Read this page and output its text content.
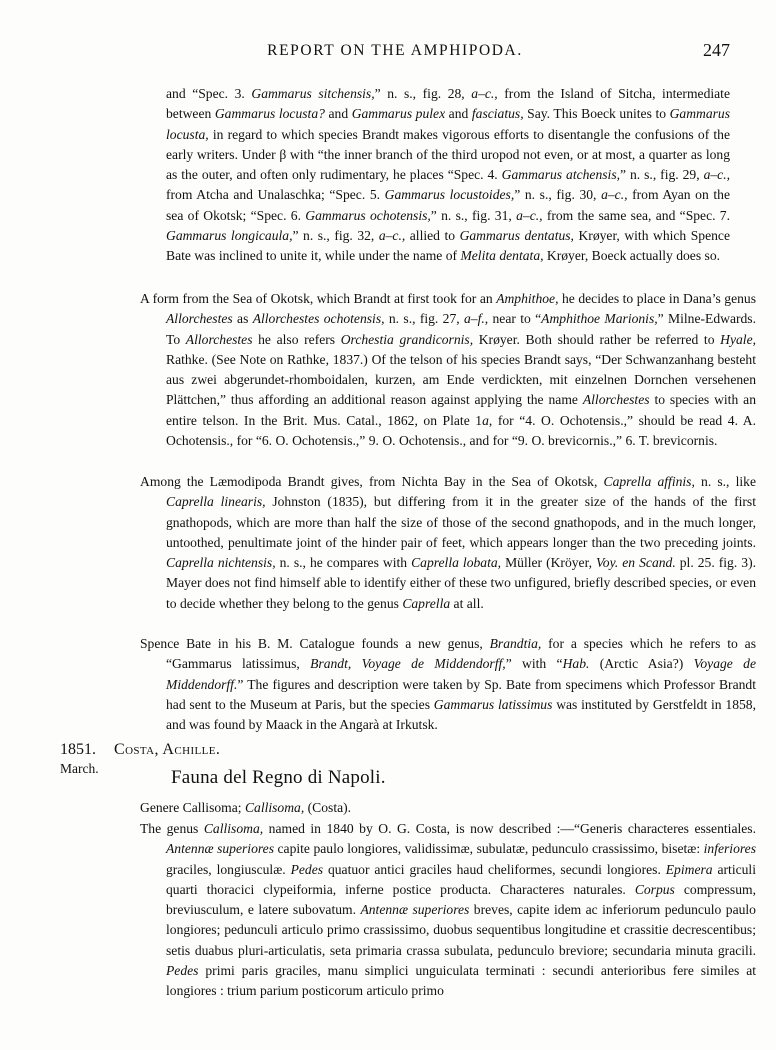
REPORT ON THE AMPHIPODA.	247

and “Spec. 3. Gammarus sitchensis,” n. s., fig. 28, a–c., from the Island of Sitcha, intermediate between Gammarus locusta? and Gammarus pulex and fasciatus, Say. This Boeck unites to Gammarus locusta, in regard to which species Brandt makes vigorous efforts to disentangle the confusions of the early writers. Under β with “the inner branch of the third uropod not even, or at most, a quarter as long as the outer, and often only rudimentary, he places “Spec. 4. Gammarus atchensis,” n. s., fig. 29, a–c., from Atcha and Unalaschka; “Spec. 5. Gammarus locustoides,” n. s., fig. 30, a–c., from Ayan on the sea of Okotsk; “Spec. 6. Gammarus ochotensis,” n. s., fig. 31, a–c., from the same sea, and “Spec. 7. Gammarus longicaula,” n. s., fig. 32, a–c., allied to Gammarus dentatus, Krøyer, with which Spence Bate was inclined to unite it, while under the name of Melita dentata, Krøyer, Boeck actually does so.

A form from the Sea of Okotsk, which Brandt at first took for an Amphithoe, he decides to place in Dana’s genus Allorchestes as Allorchestes ochotensis, n. s., fig. 27, a–f., near to “Amphithoe Marionis,” Milne-Edwards. To Allorchestes he also refers Orchestia grandicornis, Krøyer. Both should rather be referred to Hyale, Rathke. (See Note on Rathke, 1837.) Of the telson of his species Brandt says, “Der Schwanzanhang besteht aus zwei abgerundet-rhomboidalen, kurzen, am Ende verdickten, mit einzelnen Dornchen versehenen Plättchen,” thus affording an additional reason against applying the name Allorchestes to species with an entire telson. In the Brit. Mus. Catal., 1862, on Plate 1a, for “4. O. Ochotensis.,” should be read 4. A. Ochotensis., for “6. O. Ochotensis.,” 9. O. Ochotensis., and for “9. O. brevicornis.,” 6. T. brevicornis.

Among the Læmodipoda Brandt gives, from Nichta Bay in the Sea of Okotsk, Caprella affinis, n. s., like Caprella linearis, Johnston (1835), but differing from it in the greater size of the hands of the first gnathopods, which are more than half the size of those of the second gnathopods, and in the much longer, untoothed, penultimate joint of the hinder pair of feet, which appears longer than the two preceding joints. Caprella nichtensis, n. s., he compares with Caprella lobata, Müller (Kröyer, Voy. en Scand. pl. 25. fig. 3). Mayer does not find himself able to identify either of these two unfigured, briefly described species, or even to decide whether they belong to the genus Caprella at all.

Spence Bate in his B. M. Catalogue founds a new genus, Brandtia, for a species which he refers to as “Gammarus latissimus, Brandt, Voyage de Middendorff,” with “Hab. (Arctic Asia?) Voyage de Middendorff.” The figures and description were taken by Sp. Bate from specimens which Professor Brandt had sent to the Museum at Paris, but the species Gammarus latissimus was instituted by Gerstfeldt in 1858, and was found by Maack in the Angarà at Irkutsk.

1851.
March.
Costa, Achille.
Fauna del Regno di Napoli.

Genere Callisoma; Callisoma, (Costa).

The genus Callisoma, named in 1840 by O. G. Costa, is now described :—“Generis characteres essentiales. Antennæ superiores capite paulo longiores, validissimæ, subulatæ, pedunculo crassissimo, bisetæ: inferiores graciles, longiusculæ. Pedes quatuor antici graciles haud cheliformes, secundi longiores. Epimera articuli quarti thoracici clypeiformia, inferne postice producta. Characteres naturales. Corpus compressum, breviusculum, e latere subovatum. Antennæ superiores breves, capite idem ac inferiorum pedunculo paulo longiores; pedunculi articulo primo crassissimo, duobus sequentibus longitudine et crassitie decrescentibus; setis duabus pluri-articulatis, seta primaria crassa subulata, pedunculo breviore; secundaria minuta gracili. Pedes primi paris graciles, manu simplici unguiculata terminati : secundi anterioribus fere similes at longiores : trium parium posticorum articulo primo
